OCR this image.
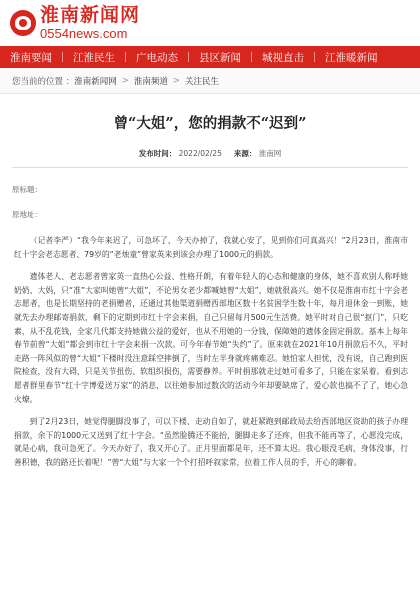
淮南新闻网
0554news.com
淮南要闻	江淮民生	广电动态	县区新闻	城视直击	江淮暖新闻
您当前的位置 ： 淮南新闻网 > 淮南频道 > 关注民生
曾“大姐”，您的捐款不“迟到”
发布时间： 2022/02/25 来源： 淮南网
原标题：
原地址：

（记者李严）“我今年来迟了，可急坏了，今天办掉了，我就心安了，见到你们可真高兴！”2月23日，淮南市红十字会老志愿者、79岁的“老烛童”曾家英来到该会办理了1000元的捐款。

遗体老人、老志愿者曾家英一直热心公益、性格开朗，有着年轻人的心态和健康的身体，她不喜欢别人称呼她奶奶、大妈，只“准”大家叫她曾“大姐”，不论男女老少都喊她曾“大姐”，她就很高兴。她不仅是淮南市红十字会老志愿者，也是长期坚持的老捐赠者，还通过其他渠道捐赠西部地区数十名贫困学生数十年，每月退休金一到账，她就先去办理邮寄捐款，剩下的定期到市红十字会来捐，自己只留每月500元生活费。她平时对自己很“抠门”，只吃素，从不乱花钱，全家几代都支持她做公益的爱好，也从不用她的一分钱，保障她的遗体金固定捐款。基本上每年春节前曾“大姐”都会到市红十字会来捐一次款。可今年春节她“失约”了。原来就在2021年10月捐款后不久，平时走路一阵风似的曾“大姐”下楼时没注意踩空摔倒了，当时左半身就疼痛难忍。她怕家人担忧，没有说，自己跑到医院检查，没有大碍，只是关节扭伤、软组织损伤，需要静养。平时捐那就走过她可看多了，只能在家呆着。看到志愿者群里春节“红十字博爱送万家”的消息，以往她参加过数次的活动今年却要缺席了，爱心款也搞不了了，她心急火燎。

到了2月23日，她觉得腿脚没事了，可以下楼、走动自如了，就赶紧跑到邮政局去给西部地区资助的孩子办理捐款，余下的1000元又送到了红十字会。“虽然脸腾还不能抬，腿脚走多了还疼，但我不能再等了，心愿没完成，就是心病，我可急死了。今天办好了，我又开心了。正月里面都是年，还不算太迟。我心眼没毛病，身体没事，行善积德，我的路还长着呢！”曾“大姐”与大家一个个打招呼叙家常，拉着工作人员的手，开心的聊着。
